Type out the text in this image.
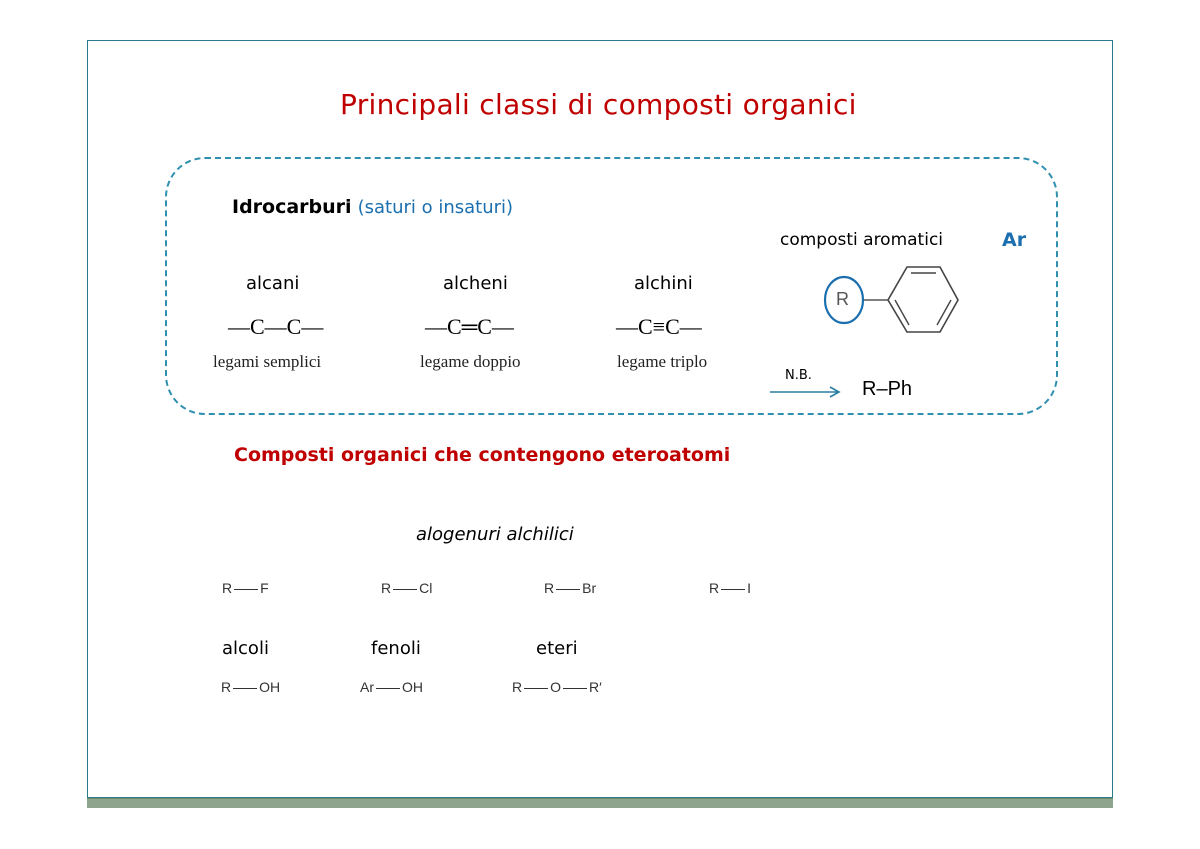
Principali classi di composti organici
Idrocarburi (saturi o insaturi)
alcani
—C—C—
legami semplici
alcheni
—C═C—
legame doppio
alchini
—C≡C—
legame triplo
composti aromatici	Ar
R
N.B.
R–Ph
Composti organici che contengono eteroatomi
alogenuri alchilici
R F	R Cl	R Br	R I
alcoli	fenoli	eteri
R OH	Ar OH	R O R′
